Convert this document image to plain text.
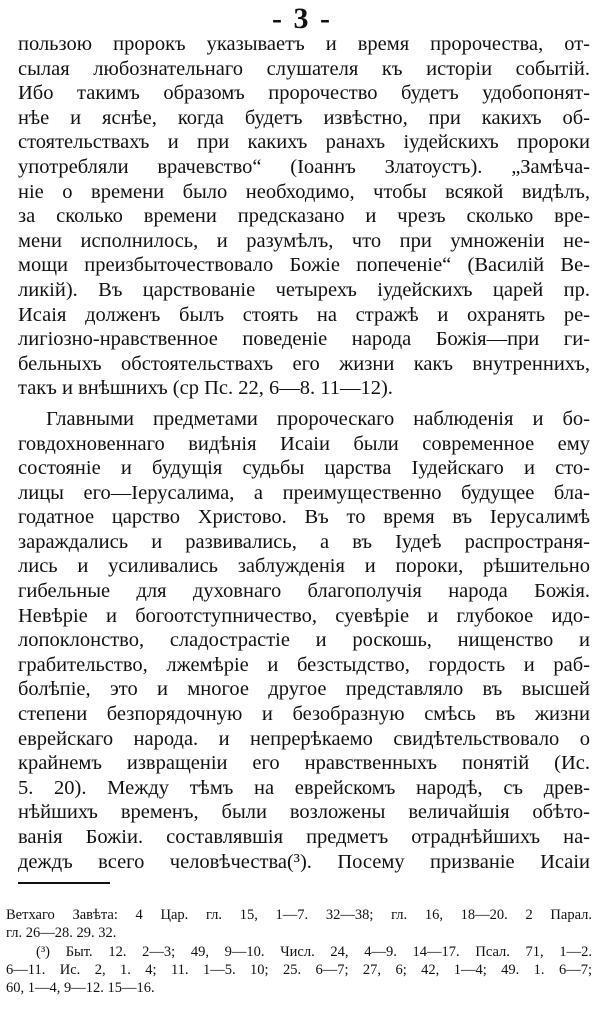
- 3 -
пользою пророкъ указываетъ и время пророчества, от-
сылая любознательнаго слушателя къ исторіи событій.
Ибо такимъ образомъ пророчество будетъ удобопонят-
нѣе и яснѣе, когда будетъ извѣстно, при какихъ об-
стоятельствахъ и при какихъ ранахъ іудейскихъ пророки
употребляли врачевство“ (Іоаннъ Златоустъ). „Замѣча-
ніе о времени было необходимо, чтобы всякой видѣлъ,
за сколько времени предсказано и чрезъ сколько вре-
мени исполнилось, и разумѣлъ, что при умноженіи не-
мощи преизбыточествовало Божіе попеченіе“ (Василій Ве-
ликій). Въ царствованіе четырехъ іудейскихъ царей пр.
Исаія долженъ былъ стоять на стражѣ и охранять ре-
лигіозно-нравственное поведеніе народа Божія—при ги-
бельныхъ обстоятельствахъ его жизни какъ внутреннихъ,
такъ и внѣшнихъ (ср Пс. 22, 6—8. 11—12).
Главными предметами пророческаго наблюденія и бо-
говдохновеннаго видѣнія Исаіи были современное ему
состояніе и будущія судьбы царства Іудейскаго и сто-
лицы его—Іерусалима, а преимущественно будущее бла-
годатное царство Христово. Въ то время въ Іерусалимѣ
зараждались и развивались, а въ Іудеѣ распространя-
лись и усиливались заблужденія и пороки, рѣшительно
гибельные для духовнаго благополучія народа Божія.
Невѣріе и богоотступничество, суевѣріе и глубокое идо-
лопоклонство, сладострастіе и роскошь, нищенство и
грабительство, лжемѣріе и безстыдство, гордость и раб-
болѣпіе, это и многое другое представляло въ высшей
степени безпорядочную и безобразную смѣсь въ жизни
еврейскаго народа. и непрерѣкаемо свидѣтельствовало о
крайнемъ извращеніи его нравственныхъ понятій (Ис.
5. 20). Между тѣмъ на еврейскомъ народѣ, съ древ-
нѣйшихъ временъ, были возложены величайшія обѣто-
ванія Божіи. составлявшія предметъ отраднѣйшихъ на-
деждъ всего человѣчества(³). Посему призваніе Исаіи
Ветхаго Завѣта: 4 Цар. гл. 15, 1—7. 32—38; гл. 16, 18—20. 2 Парал.
гл. 26—28. 29. 32.
(³) Быт. 12. 2—3; 49, 9—10. Числ. 24, 4—9. 14—17. Псал. 71, 1—2.
6—11. Ис. 2, 1. 4; 11. 1—5. 10; 25. 6—7; 27, 6; 42, 1—4; 49. 1. 6—7;
60, 1—4, 9—12. 15—16.
